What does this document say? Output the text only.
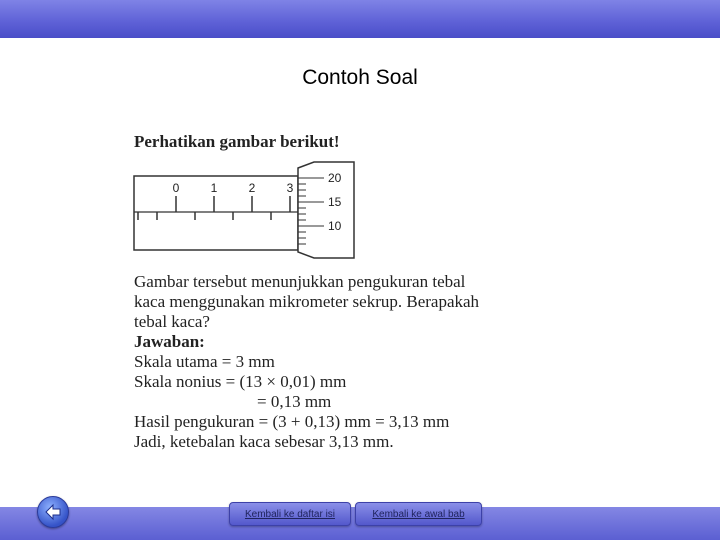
Contoh Soal
Perhatikan gambar berikut!
0	1	2	3
20
15
10
Gambar tersebut menunjukkan pengukuran tebal
kaca menggunakan mikrometer sekrup. Berapakah
tebal kaca?
Jawaban:
Skala utama = 3 mm
Skala nonius = (13 × 0,01) mm
= 0,13 mm
Hasil pengukuran = (3 + 0,13) mm = 3,13 mm
Jadi, ketebalan kaca sebesar 3,13 mm.
Kembali ke daftar isi	Kembali ke awal bab
